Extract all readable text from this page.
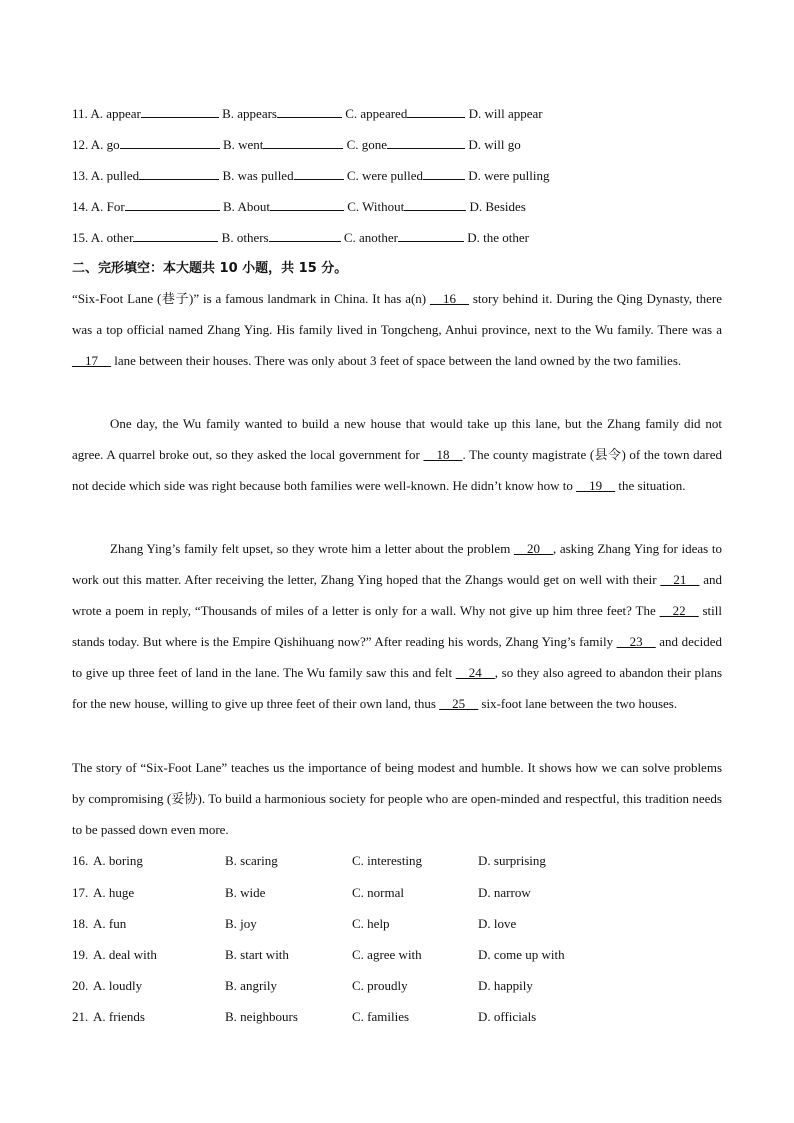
11. A. appear	B. appears	C. appeared	D. will appear
12. A. go	B. went	C. gone	D. will go
13. A. pulled	B. was pulled	C. were pulled	D. were pulling
14. A. For	B. About	C. Without	D. Besides
15. A. other	B. others	C. another	D. the other
二、完形填空：本大题共 10 小题，共 15 分。
“Six-Foot Lane (巷子)” is a famous landmark in China. It has a(n) __16__ story behind it. During the Qing Dynasty, there was a top official named Zhang Ying. His family lived in Tongcheng, Anhui province, next to the Wu family. There was a __17__ lane between their houses. There was only about 3 feet of space between the land owned by the two families.
One day, the Wu family wanted to build a new house that would take up this lane, but the Zhang family did not agree. A quarrel broke out, so they asked the local government for __18__. The county magistrate (县令) of the town dared not decide which side was right because both families were well-known. He didn’t know how to __19__ the situation.
Zhang Ying’s family felt upset, so they wrote him a letter about the problem __20__, asking Zhang Ying for ideas to work out this matter. After receiving the letter, Zhang Ying hoped that the Zhangs would get on well with their __21__ and wrote a poem in reply, “Thousands of miles of a letter is only for a wall. Why not give up him three feet? The __22__ still stands today. But where is the Empire Qishihuang now?” After reading his words, Zhang Ying’s family __23__ and decided to give up three feet of land in the lane. The Wu family saw this and felt __24__, so they also agreed to abandon their plans for the new house, willing to give up three feet of their own land, thus __25__ six-foot lane between the two houses.
The story of “Six-Foot Lane” teaches us the importance of being modest and humble. It shows how we can solve problems by compromising (妥协). To build a harmonious society for people who are open-minded and respectful, this tradition needs to be passed down even more.
16. A. boring	B. scaring	C. interesting	D. surprising
17. A. huge	B. wide	C. normal	D. narrow
18. A. fun	B. joy	C. help	D. love
19. A. deal with	B. start with	C. agree with	D. come up with
20. A. loudly	B. angrily	C. proudly	D. happily
21. A. friends	B. neighbours	C. families	D. officials
